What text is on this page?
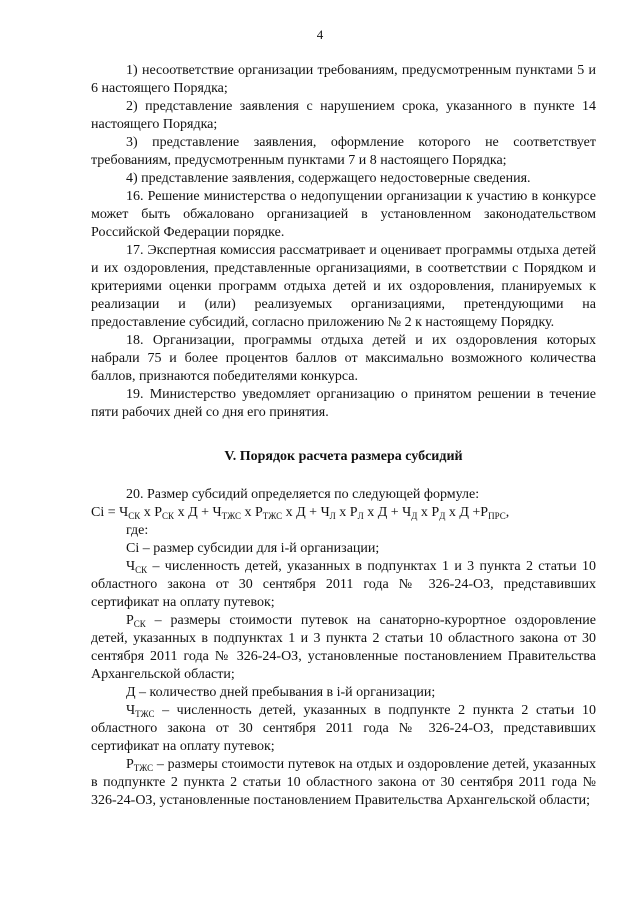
4

1) несоответствие организации требованиям, предусмотренным пунктами 5 и 6 настоящего Порядка;

2) представление заявления с нарушением срока, указанного в пункте 14 настоящего Порядка;

3) представление заявления, оформление которого не соответствует требованиям, предусмотренным пунктами 7 и 8 настоящего Порядка;

4) представление заявления, содержащего недостоверные сведения.

16. Решение министерства о недопущении организации к участию в конкурсе может быть обжаловано организацией в установленном законодательством Российской Федерации порядке.

17. Экспертная комиссия рассматривает и оценивает программы отдыха детей и их оздоровления, представленные организациями, в соответствии с Порядком и критериями оценки программ отдыха детей и их оздоровления, планируемых к реализации и (или) реализуемых организациями, претендующими на предоставление субсидий, согласно приложению № 2 к настоящему Порядку.

18. Организации, программы отдыха детей и их оздоровления которых набрали 75 и более процентов баллов от максимально возможного количества баллов, признаются победителями конкурса.

19. Министерство уведомляет организацию о принятом решении в течение пяти рабочих дней со дня его принятия.

V. Порядок расчета размера субсидий

20. Размер субсидий определяется по следующей формуле:

$Ci = Ч_{СК}$ х $Р_{СК}$ х $Д + Ч_{ТЖС}$ х $Р_{ТЖС}$ х $Д + Ч_Л$ х $Р_Л$ х $Д + Ч_Д$ х $Р_Д$ х $Д +Р_{ПРС}$,

где:

Ci – размер субсидии для i-й организации;

$Ч_{СК}$ – численность детей, указанных в подпунктах 1 и 3 пункта 2 статьи 10 областного закона от 30 сентября 2011 года № 326-24-ОЗ, представивших сертификат на оплату путевок;

$Р_{СК}$ – размеры стоимости путевок на санаторно-курортное оздоровление детей, указанных в подпунктах 1 и 3 пункта 2 статьи 10 областного закона от 30 сентября 2011 года № 326-24-ОЗ, установленные постановлением Правительства Архангельской области;

Д – количество дней пребывания в i-й организации;

$Ч_{ТЖС}$ – численность детей, указанных в подпункте 2 пункта 2 статьи 10 областного закона от 30 сентября 2011 года № 326-24-ОЗ, представивших сертификат на оплату путевок;

$Р_{ТЖС}$ – размеры стоимости путевок на отдых и оздоровление детей, указанных в подпункте 2 пункта 2 статьи 10 областного закона от 30 сентября 2011 года № 326-24-ОЗ, установленные постановлением Правительства Архангельской области;
